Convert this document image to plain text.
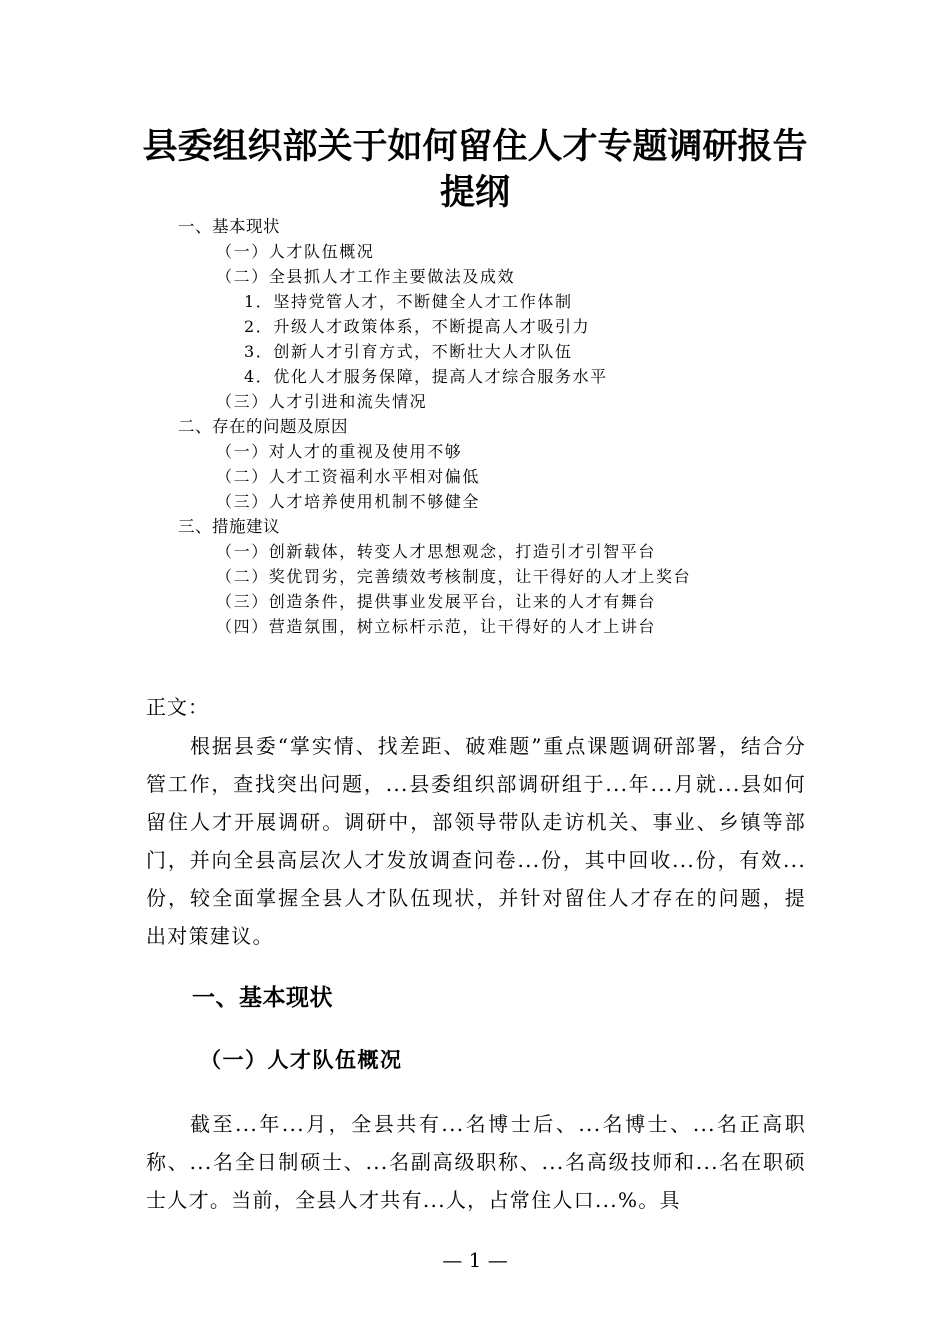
县委组织部关于如何留住人才专题调研报告
提纲
一、基本现状
（一）人才队伍概况
（二）全县抓人才工作主要做法及成效
1．坚持党管人才，不断健全人才工作体制
2．升级人才政策体系，不断提高人才吸引力
3．创新人才引育方式，不断壮大人才队伍
4．优化人才服务保障，提高人才综合服务水平
（三）人才引进和流失情况
二、存在的问题及原因
（一）对人才的重视及使用不够
（二）人才工资福利水平相对偏低
（三）人才培养使用机制不够健全
三、措施建议
（一）创新载体，转变人才思想观念，打造引才引智平台
（二）奖优罚劣，完善绩效考核制度，让干得好的人才上奖台
（三）创造条件，提供事业发展平台，让来的人才有舞台
（四）营造氛围，树立标杆示范，让干得好的人才上讲台
正文：

根据县委“掌实情、找差距、破难题”重点课题调研部署，结合分管工作，查找突出问题，...县委组织部调研组于...年...月就...县如何留住人才开展调研。调研中，部领导带队走访机关、事业、乡镇等部门，并向全县高层次人才发放调查问卷...份，其中回收...份，有效...份，较全面掌握全县人才队伍现状，并针对留住人才存在的问题，提出对策建议。

一、基本现状
（一）人才队伍概况

截至...年...月，全县共有...名博士后、...名博士、...名正高职称、...名全日制硕士、...名副高级职称、...名高级技师和...名在职硕士人才。当前，全县人才共有...人，占常住人口...%。具

— 1 —
